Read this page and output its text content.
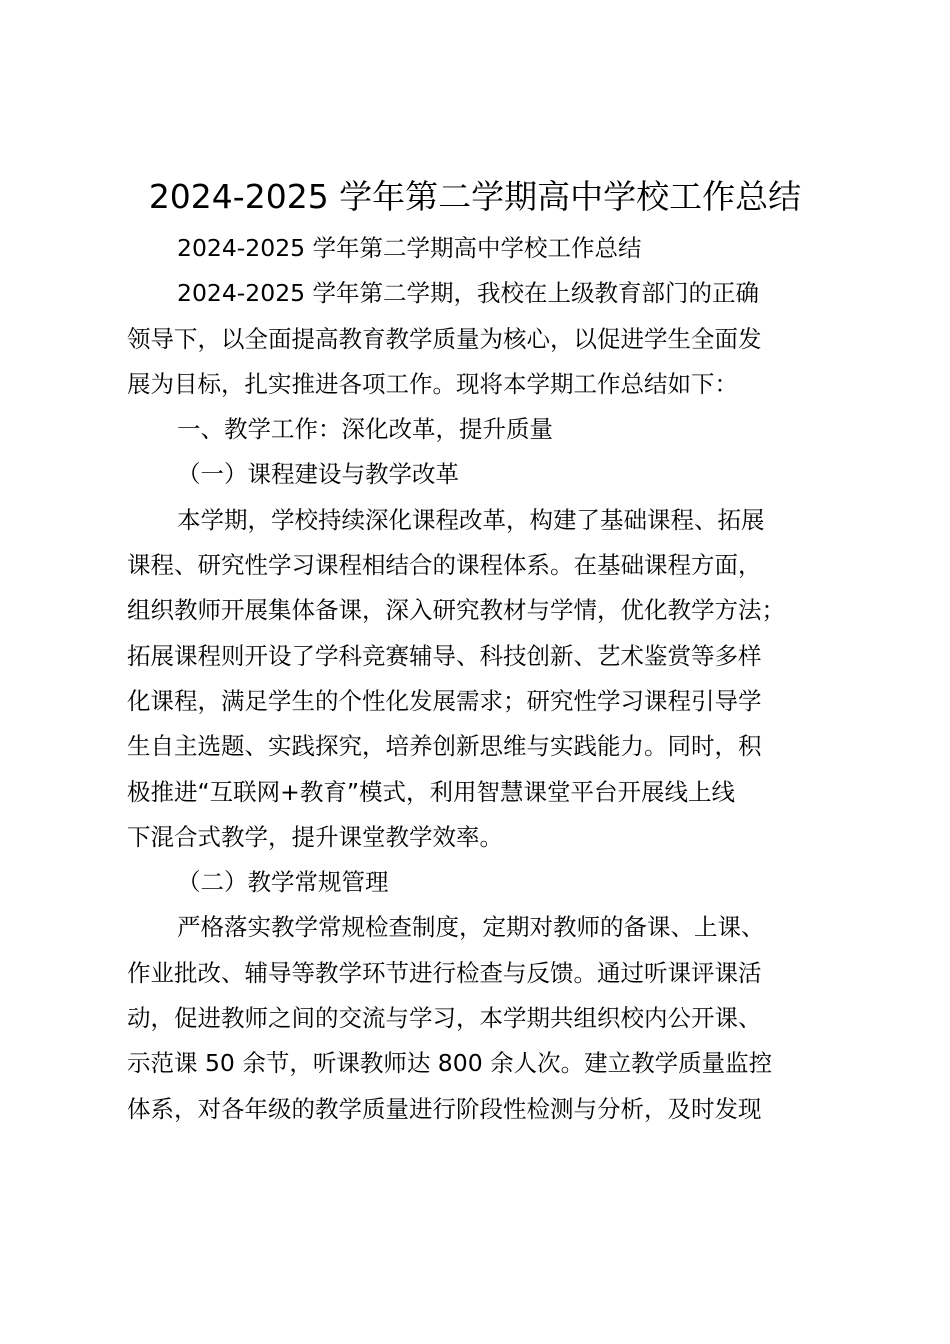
2024-2025 学年第二学期高中学校工作总结
2024-2025 学年第二学期高中学校工作总结
2024-2025 学年第二学期，我校在上级教育部门的正确
领导下，以全面提高教育教学质量为核心，以促进学生全面发
展为目标，扎实推进各项工作。现将本学期工作总结如下：
一、教学工作：深化改革，提升质量
（一）课程建设与教学改革
本学期，学校持续深化课程改革，构建了基础课程、拓展
课程、研究性学习课程相结合的课程体系。在基础课程方面，
组织教师开展集体备课，深入研究教材与学情，优化教学方法；
拓展课程则开设了学科竞赛辅导、科技创新、艺术鉴赏等多样
化课程，满足学生的个性化发展需求；研究性学习课程引导学
生自主选题、实践探究，培养创新思维与实践能力。同时，积
极推进“互联网+教育”模式，利用智慧课堂平台开展线上线
下混合式教学，提升课堂教学效率。
（二）教学常规管理
严格落实教学常规检查制度，定期对教师的备课、上课、
作业批改、辅导等教学环节进行检查与反馈。通过听课评课活
动，促进教师之间的交流与学习，本学期共组织校内公开课、
示范课 50 余节，听课教师达 800 余人次。建立教学质量监控
体系，对各年级的教学质量进行阶段性检测与分析，及时发现
